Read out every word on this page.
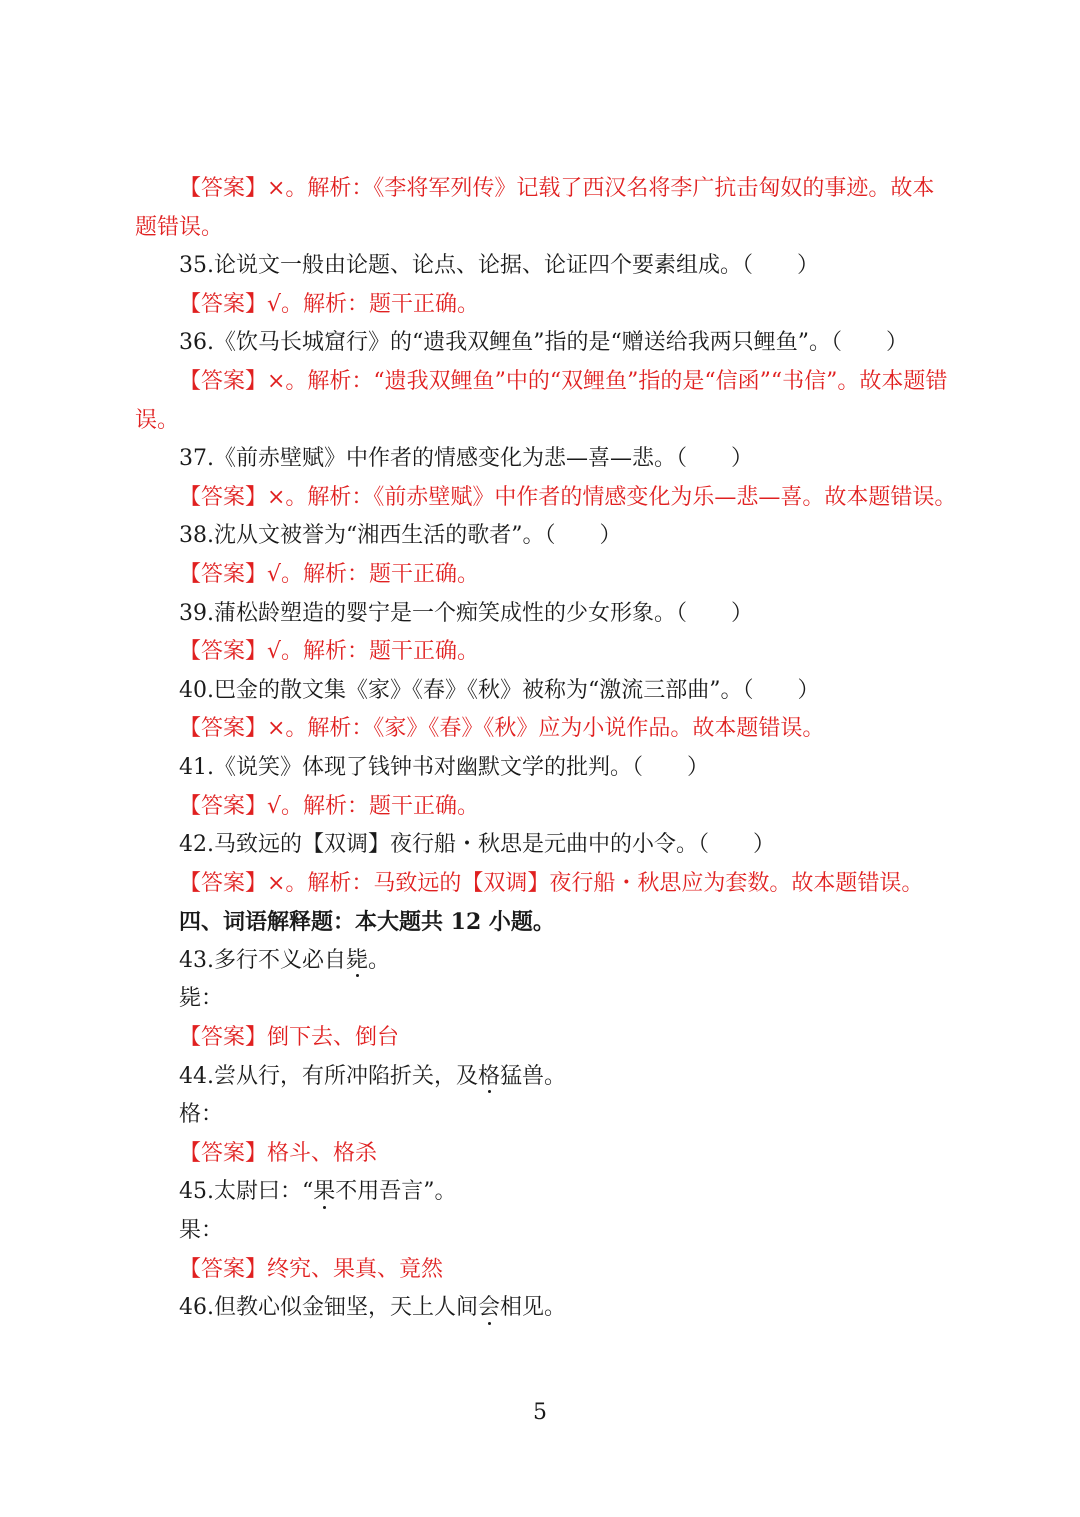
【答案】×。解析：《李将军列传》记载了西汉名将李广抗击匈奴的事迹。故本题错误。
35.论说文一般由论题、论点、论据、论证四个要素组成。（　　）
【答案】√。解析：题干正确。
36.《饮马长城窟行》的“遗我双鲤鱼”指的是“赠送给我两只鲤鱼”。（　　）
【答案】×。解析：“遗我双鲤鱼”中的“双鲤鱼”指的是“信函”“书信”。故本题错误。
37.《前赤壁赋》中作者的情感变化为悲—喜—悲。（　　）
【答案】×。解析：《前赤壁赋》中作者的情感变化为乐—悲—喜。故本题错误。
38.沈从文被誉为“湘西生活的歌者”。（　　）
【答案】√。解析：题干正确。
39.蒲松龄塑造的婴宁是一个痴笑成性的少女形象。（　　）
【答案】√。解析：题干正确。
40.巴金的散文集《家》《春》《秋》被称为“激流三部曲”。（　　）
【答案】×。解析：《家》《春》《秋》应为小说作品。故本题错误。
41.《说笑》体现了钱钟书对幽默文学的批判。（　　）
【答案】√。解析：题干正确。
42.马致远的【双调】夜行船・秋思是元曲中的小令。（　　）
【答案】×。解析：马致远的【双调】夜行船・秋思应为套数。故本题错误。
四、词语解释题：本大题共 12 小题。
43.多行不义必自毙。
毙：
【答案】倒下去、倒台
44.尝从行，有所冲陷折关，及格猛兽。
格：
【答案】格斗、格杀
45.太尉曰：“果不用吾言”。
果：
【答案】终究、果真、竟然
46.但教心似金钿坚，天上人间会相见。
5
